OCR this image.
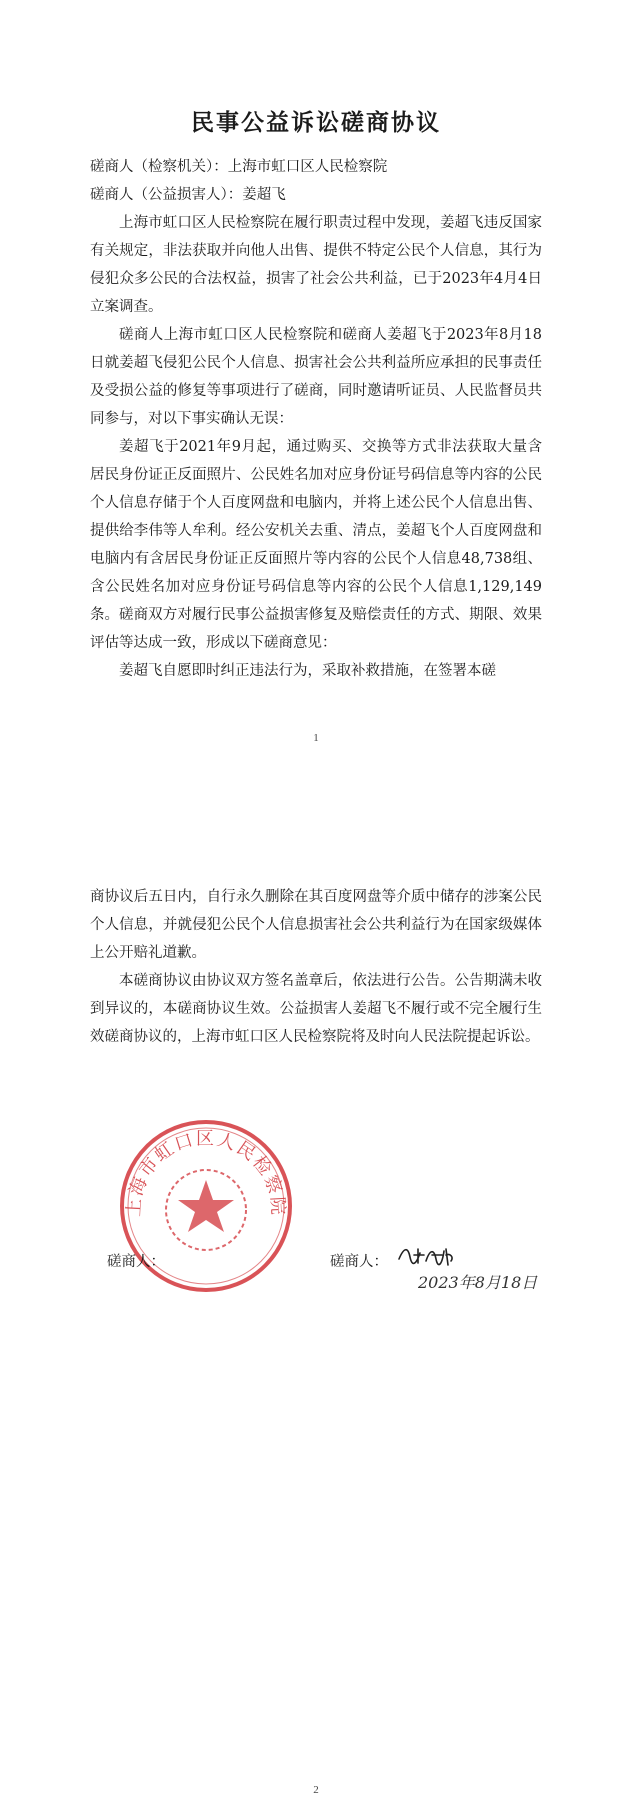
民事公益诉讼磋商协议
磋商人（检察机关）：上海市虹口区人民检察院
磋商人（公益损害人）：姜超飞

上海市虹口区人民检察院在履行职责过程中发现，姜超飞违反国家有关规定，非法获取并向他人出售、提供不特定公民个人信息，其行为侵犯众多公民的合法权益，损害了社会公共利益，已于2023年4月4日立案调查。

磋商人上海市虹口区人民检察院和磋商人姜超飞于2023年8月18日就姜超飞侵犯公民个人信息、损害社会公共利益所应承担的民事责任及受损公益的修复等事项进行了磋商，同时邀请听证员、人民监督员共同参与，对以下事实确认无误：

姜超飞于2021年9月起，通过购买、交换等方式非法获取大量含居民身份证正反面照片、公民姓名加对应身份证号码信息等内容的公民个人信息存储于个人百度网盘和电脑内，并将上述公民个人信息出售、提供给李伟等人牟利。经公安机关去重、清点，姜超飞个人百度网盘和电脑内有含居民身份证正反面照片等内容的公民个人信息48,738组、含公民姓名加对应身份证号码信息等内容的公民个人信息1,129,149条。 磋商双方对履行民事公益损害修复及赔偿责任的方式、期限、效果评估等达成一致，形成以下磋商意见：

姜超飞自愿即时纠正违法行为，采取补救措施，在签署本磋

1

商协议后五日内，自行永久删除在其百度网盘等介质中储存的涉案公民个人信息，并就侵犯公民个人信息损害社会公共利益行为在国家级媒体上公开赔礼道歉。

本磋商协议由协议双方签名盖章后，依法进行公告。公告期满未收到异议的，本磋商协议生效。公益损害人姜超飞不履行或不完全履行生效磋商协议的，上海市虹口区人民检察院将及时向人民法院提起诉讼。

上海市虹口区人民检察院
磋商人：	磋商人：
2023年8月18日
2
